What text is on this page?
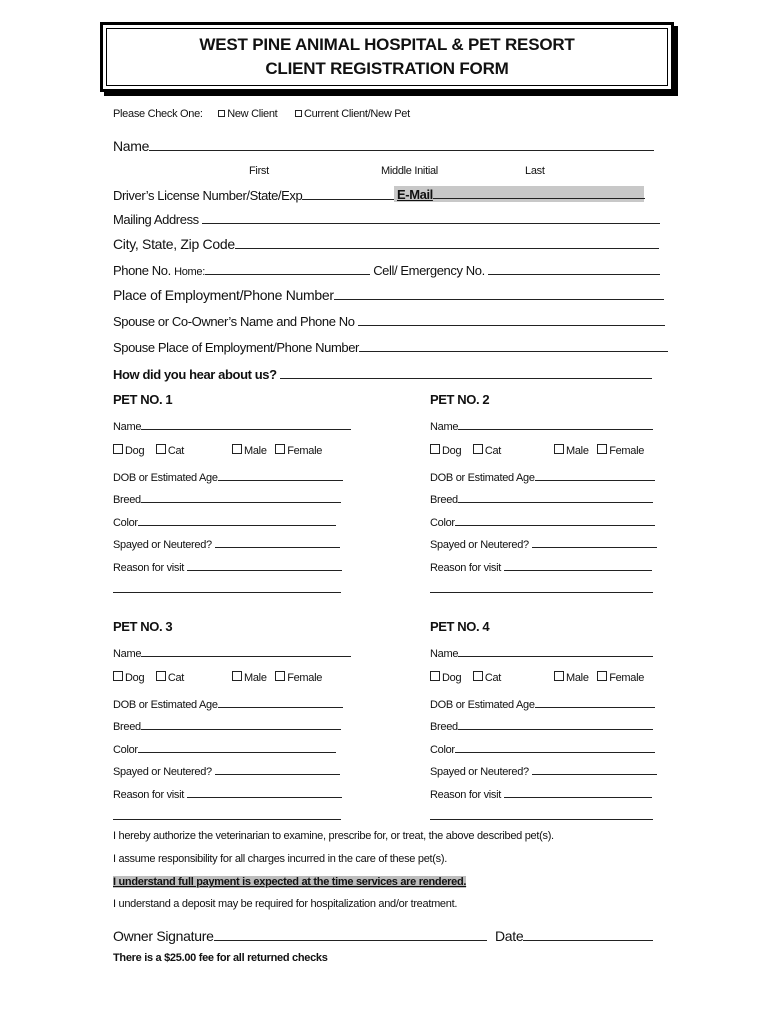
WEST PINE ANIMAL HOSPITAL & PET RESORT
CLIENT REGISTRATION FORM
Please Check One: New Client Current Client/New Pet
Name
First	Middle Initial	Last
Driver’s License Number/State/Exp	E-Mail
Mailing Address
City, State, Zip Code
Phone No. Home:	Cell/ Emergency No.
Place of Employment/Phone Number
Spouse or Co-Owner’s Name and Phone No
Spouse Place of Employment/Phone Number
How did you hear about us?
PET NO. 1
Name
Dog Cat	Male Female
DOB or Estimated Age
Breed
Color
Spayed or Neutered?
Reason for visit
PET NO. 2
Name
Dog Cat	Male Female
DOB or Estimated Age
Breed
Color
Spayed or Neutered?
Reason for visit
PET NO. 3
Name
Dog Cat	Male Female
DOB or Estimated Age
Breed
Color
Spayed or Neutered?
Reason for visit
PET NO. 4
Name
Dog Cat	Male Female
DOB or Estimated Age
Breed
Color
Spayed or Neutered?
Reason for visit
I hereby authorize the veterinarian to examine, prescribe for, or treat, the above described pet(s).
I assume responsibility for all charges incurred in the care of these pet(s).
I understand full payment is expected at the time services are rendered.
I understand a deposit may be required for hospitalization and/or treatment.
Owner Signature	Date
There is a $25.00 fee for all returned checks
